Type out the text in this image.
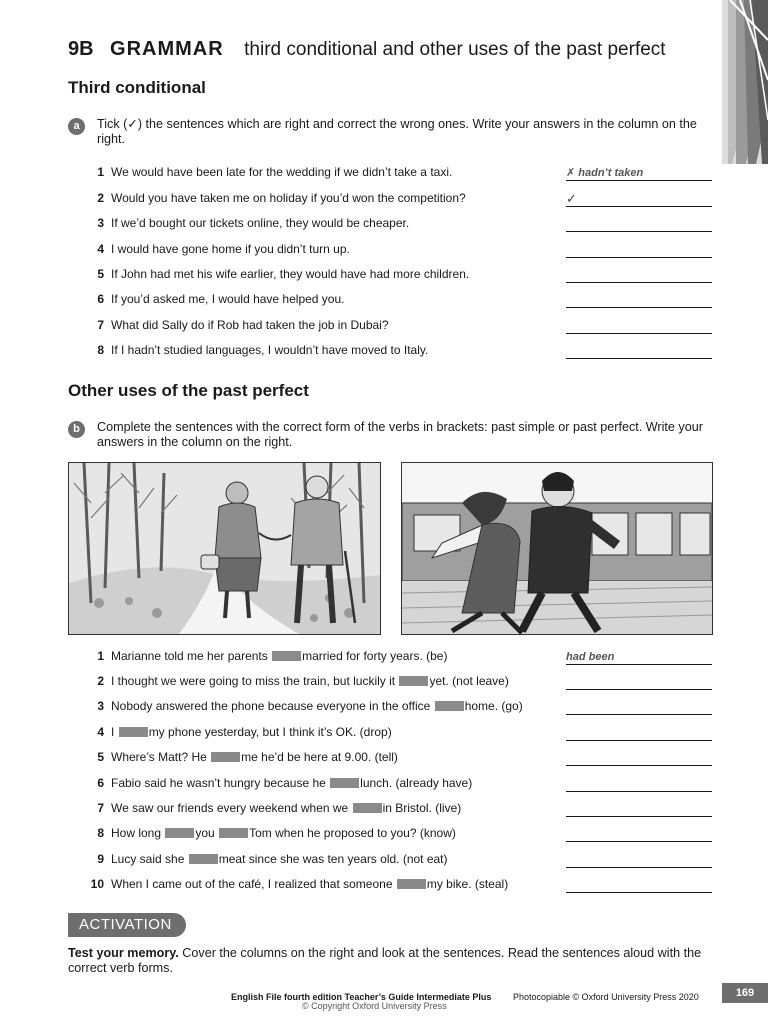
9B GRAMMAR third conditional and other uses of the past perfect
Third conditional
a	Tick (✓) the sentences which are right and correct the wrong ones. Write your answers in the column on the right.
1 We would have been late for the wedding if we didn’t take a taxi.	✗ hadn’t taken
2 Would you have taken me on holiday if you’d won the competition?	✓
3 If we’d bought our tickets online, they would be cheaper.
4 I would have gone home if you didn’t turn up.
5 If John had met his wife earlier, they would have had more children.
6 If you’d asked me, I would have helped you.
7 What did Sally do if Rob had taken the job in Dubai?
8 If I hadn’t studied languages, I wouldn’t have moved to Italy.
Other uses of the past perfect
b	Complete the sentences with the correct form of the verbs in brackets: past simple or past perfect. Write your answers in the column on the right.
1 Marianne told me her parents	married for forty years. (be)	had been
2 I thought we were going to miss the train, but luckily it	yet. (not leave)
3 Nobody answered the phone because everyone in the office	home. (go)
4 I	my phone yesterday, but I think it’s OK. (drop)
5 Where’s Matt? He	me he’d be here at 9.00. (tell)
6 Fabio said he wasn’t hungry because he	lunch. (already have)
7 We saw our friends every weekend when we	in Bristol. (live)
8 How long	you	Tom when he proposed to you? (know)
9 Lucy said she	meat since she was ten years old. (not eat)
10 When I came out of the café, I realized that someone	my bike. (steal)
ACTIVATION
Test your memory. Cover the columns on the right and look at the sentences. Read the sentences aloud with the correct verb forms.
English File fourth edition Teacher’s Guide Intermediate Plus Photocopiable © Oxford University Press 2020
© Copyright Oxford University Press
169
